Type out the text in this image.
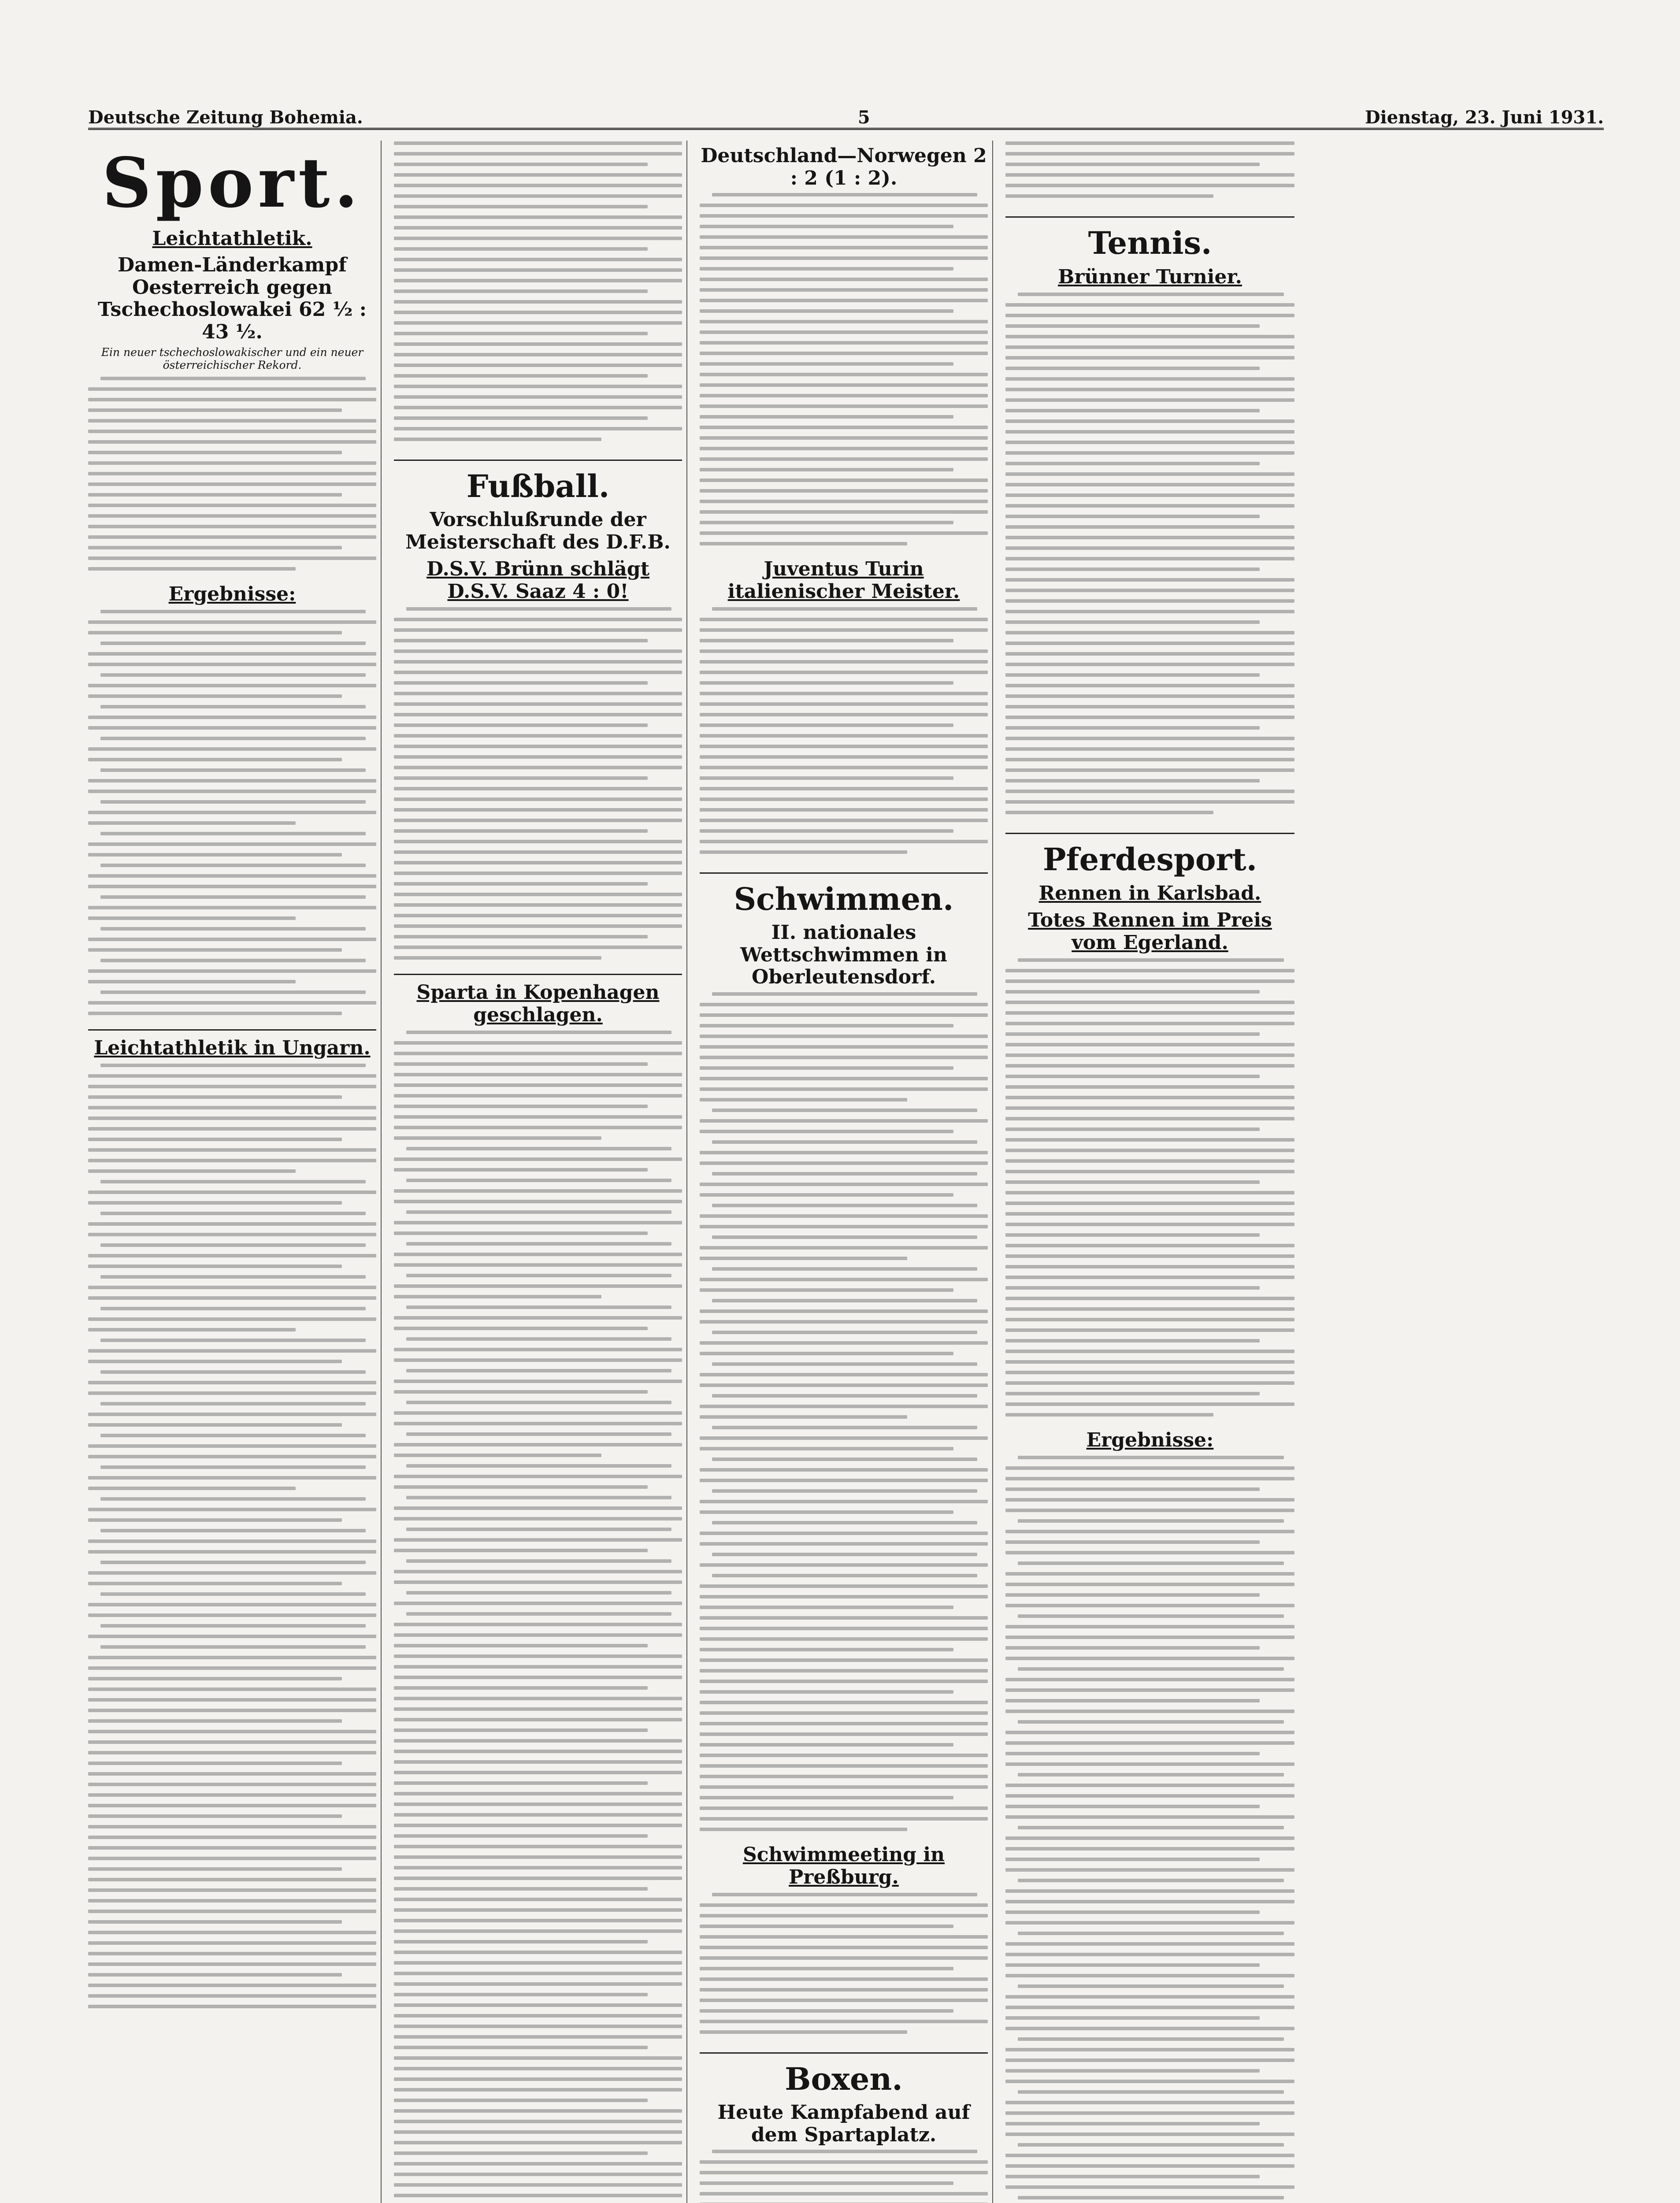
Deutsche Zeitung Bohemia.	5	Dienstag, 23. Juni 1931.
Sport.
Leichtathletik.
Damen-Länderkampf Oesterreich gegen Tschechoslowakei 62 ½ : 43 ½.
Ein neuer tschechoslowakischer und ein neuer österreichischer Rekord.
Ergebnisse:
Leichtathletik in Ungarn.
Fußball.
Vorschlußrunde der Meisterschaft des D.F.B.
D.S.V. Brünn schlägt D.S.V. Saaz 4 : 0!
Sparta in Kopenhagen geschlagen.
Deutschland—Norwegen 2 : 2 (1 : 2).
Juventus Turin italienischer Meister.
Schwimmen.
II. nationales Wettschwimmen in Oberleutensdorf.
Schwimmeeting in Preßburg.
Boxen.
Heute Kampfabend auf dem Spartaplatz.
Tennis.
Brünner Turnier.
Pferdesport.
Rennen in Karlsbad.
Totes Rennen im Preis vom Egerland.
Ergebnisse:
